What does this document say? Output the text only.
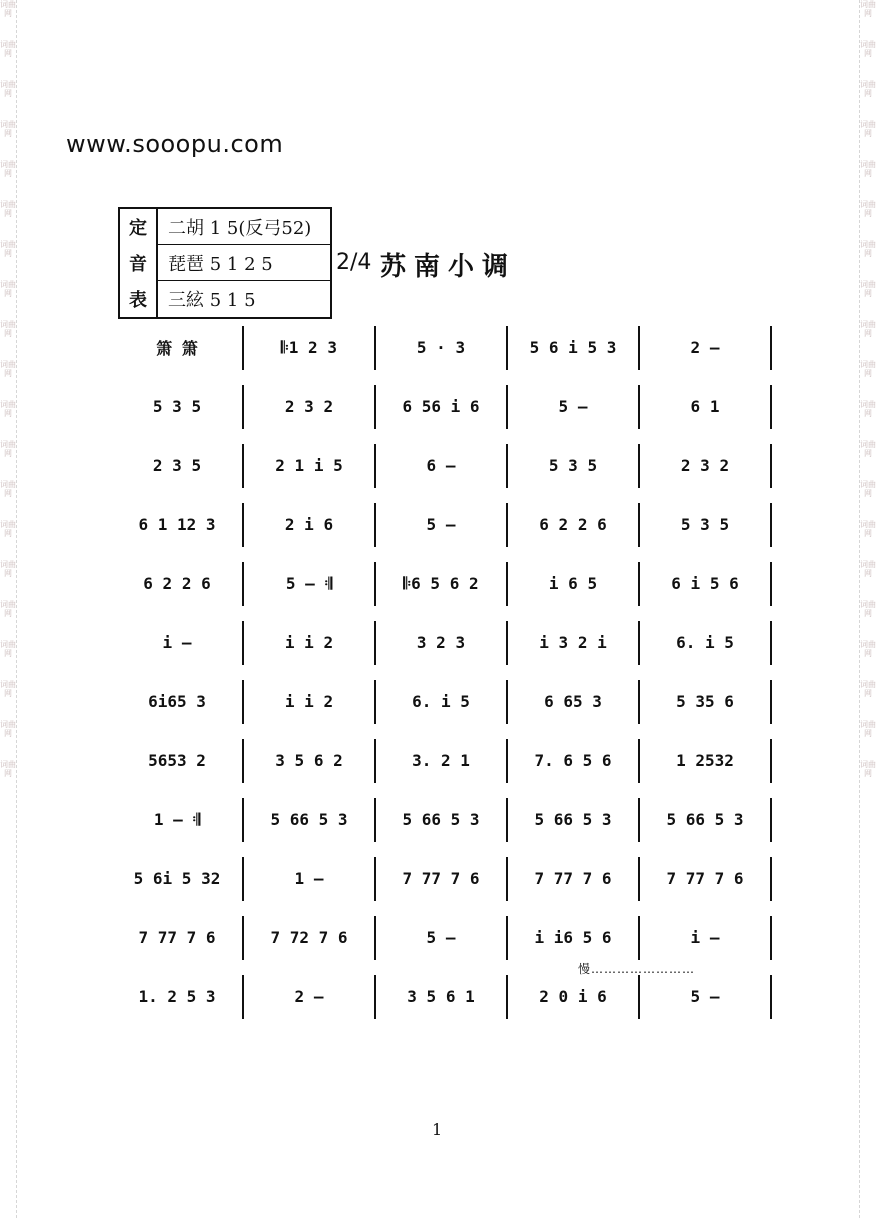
词曲网
词曲网
词曲网
词曲网
词曲网
词曲网
词曲网
词曲网
词曲网
词曲网
词曲网
词曲网
词曲网
词曲网
词曲网
词曲网
词曲网
词曲网
词曲网
词曲网
词曲网
词曲网
词曲网
词曲网
词曲网
词曲网
词曲网
词曲网
词曲网
词曲网
词曲网
词曲网
词曲网
词曲网
词曲网
词曲网
词曲网
词曲网
词曲网
词曲网
www.sooopu.com
定
音
表
二胡 1 5(反弓52)
琵琶 5 1 2 5
三絃 5 1 5
2/4 苏南小调
箫 箫	𝄆1 2 3	5 · 3	5 6 i 5 3	2 —
5 3 5	2 3 2	6 56 i 6	5 —	6 1
2 3 5	2 1 i 5	6 —	5 3 5	2 3 2
6 1 12 3	2 i 6	5 —	6 2 2 6	5 3 5
6 2 2 6	5 — 𝄇	𝄆6 5 6 2	i 6 5	6 i 5 6
i —	i i 2	3 2 3	i 3 2 i	6. i 5
6i65 3	i i 2	6. i 5	6 65 3	5 35 6
5653 2	3 5 6 2	3. 2 1	7. 6 5 6	1 2532
1 — 𝄇	5 66 5 3	5 66 5 3	5 66 5 3	5 66 5 3
5 6i 5 32	1 —	7 77 7 6	7 77 7 6	7 77 7 6
7 77 7 6	7 72 7 6	5 —	i i6 5 6	i —
1. 2 5 3	2 —	3 5 6 1	2 0 i 6	5 —
慢……………………
1
